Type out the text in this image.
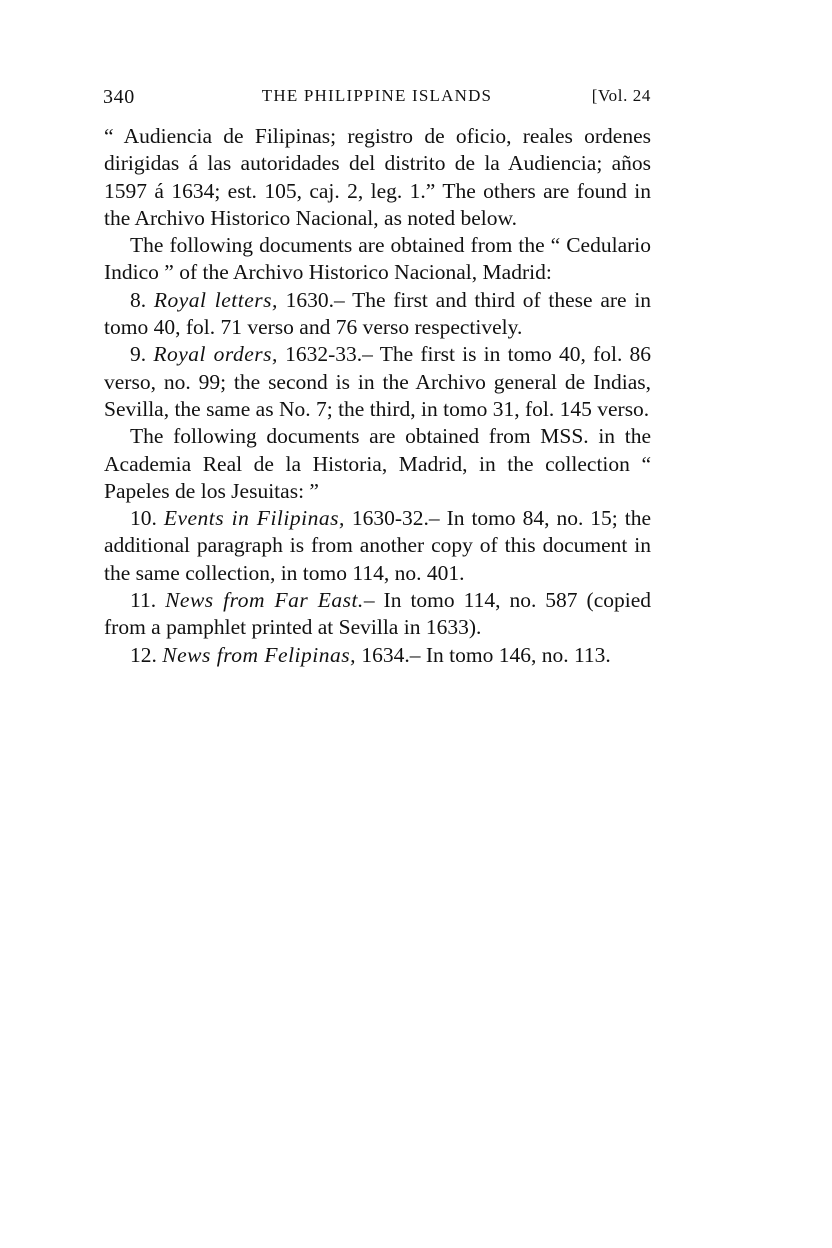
340	THE PHILIPPINE ISLANDS	[Vol. 24

“ Audiencia de Filipinas; registro de oficio, reales ordenes dirigidas á las autoridades del distrito de la Audiencia; años 1597 á 1634; est. 105, caj. 2, leg. 1.” The others are found in the Archivo Historico Nacional, as noted below.

The following documents are obtained from the “ Cedulario Indico ” of the Archivo Historico Nacional, Madrid:

8. Royal letters, 1630.– The first and third of these are in tomo 40, fol. 71 verso and 76 verso respectively.

9. Royal orders, 1632-33.– The first is in tomo 40, fol. 86 verso, no. 99; the second is in the Archivo general de Indias, Sevilla, the same as No. 7; the third, in tomo 31, fol. 145 verso.

The following documents are obtained from MSS. in the Academia Real de la Historia, Madrid, in the collection “ Papeles de los Jesuitas: ”

10. Events in Filipinas, 1630-32.– In tomo 84, no. 15; the additional paragraph is from another copy of this document in the same collection, in tomo 114, no. 401.

11. News from Far East.– In tomo 114, no. 587 (copied from a pamphlet printed at Sevilla in 1633).

12. News from Felipinas, 1634.– In tomo 146, no. 113.
